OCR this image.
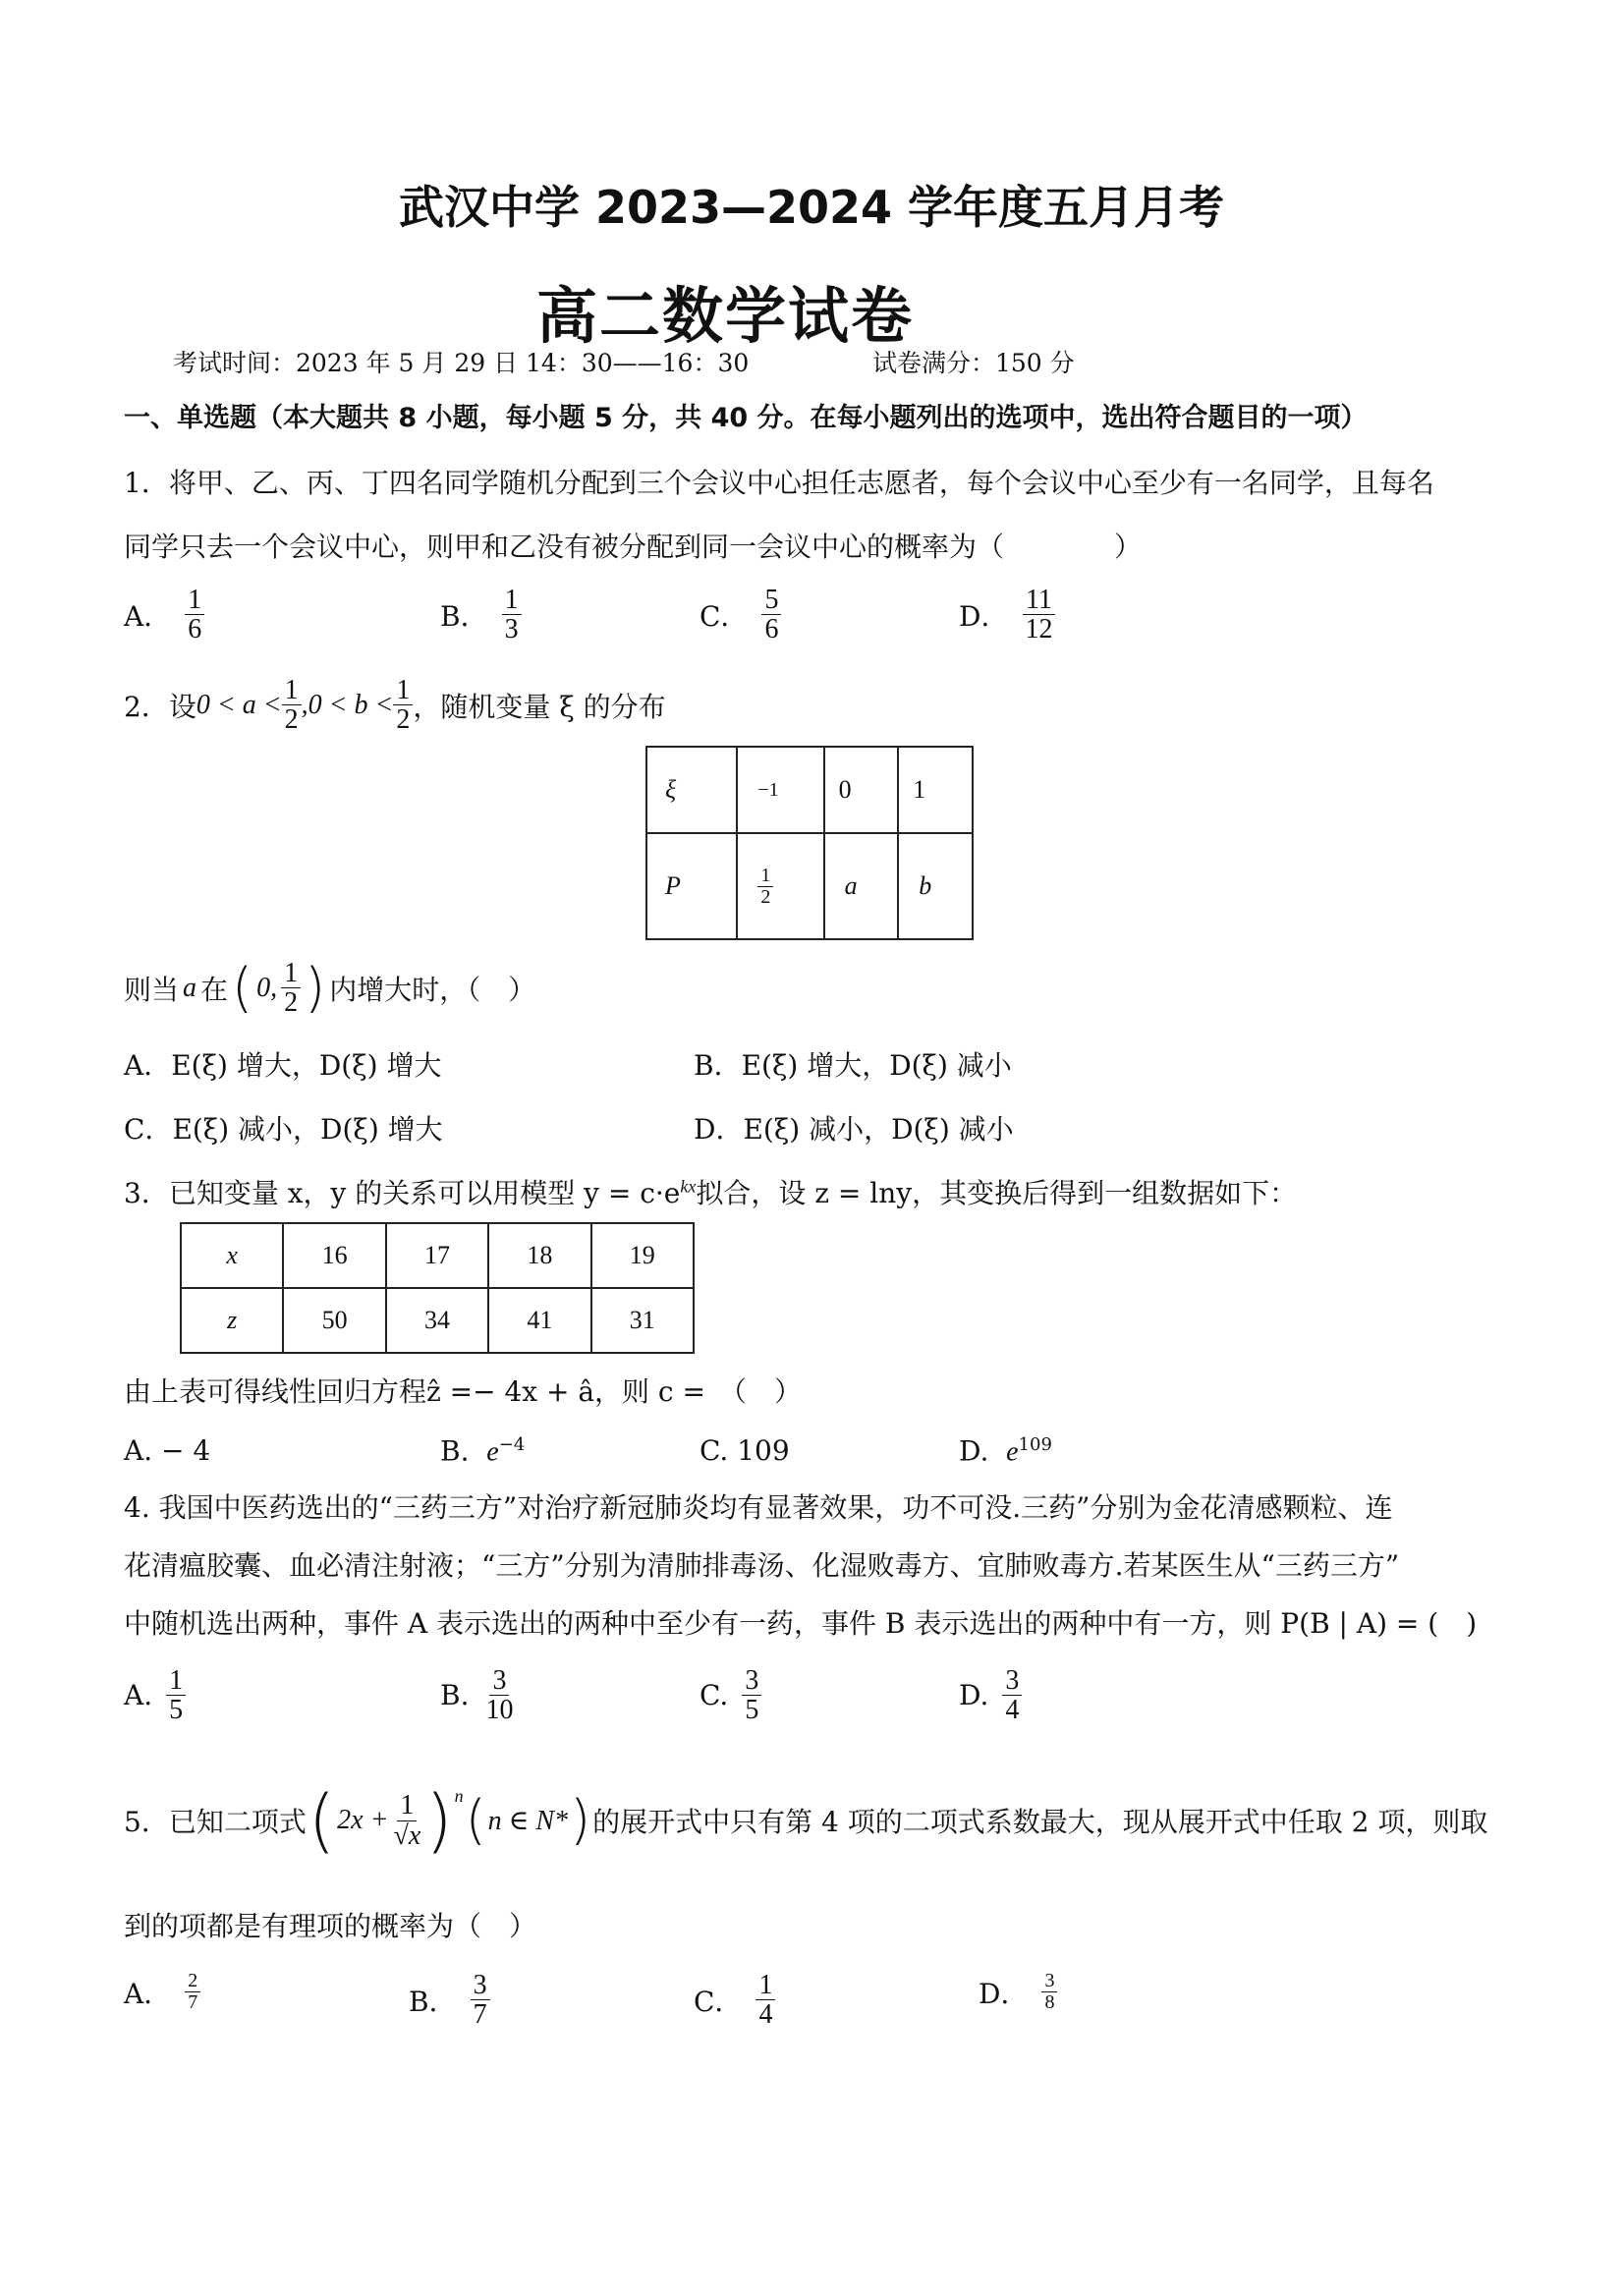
武汉中学 2023—2024 学年度五月月考
高二数学试卷
考试时间：2023 年 5 月 29 日 14：30——16：30	试卷满分：150 分
一、单选题（本大题共 8 小题，每小题 5 分，共 40 分。在每小题列出的选项中，选出符合题目的一项）
1．将甲、乙、丙、丁四名同学随机分配到三个会议中心担任志愿者，每个会议中心至少有一名同学，且每名
同学只去一个会议中心，则甲和乙没有被分配到同一会议中心的概率为（　　　　）
A． $\frac{1}{6}$	B． $\frac{1}{3}$	C． $\frac{5}{6}$	D． $\frac{11}{12}$
2．设 $0 < a < \frac{1}{2} ,0 < b < \frac{1}{2}$ ，随机变量 ξ 的分布
ξ	−1	0	1
P	$\frac{1}{2}$	a	b
则当 a 在 ( 0, $\frac{1}{2}$ ) 内增大时，（　）
A．E(ξ) 增大，D(ξ) 增大	B．E(ξ) 增大，D(ξ) 减小
C．E(ξ) 减小，D(ξ) 增大	D．E(ξ) 减小，D(ξ) 减小
3．已知变量 x，y 的关系可以用模型 $y = c\cdot e^{kx}$拟合，设 z = lny，其变换后得到一组数据如下：
x	16	17	18	19
z	50	34	41	31
由上表可得线性回归方程ẑ =− 4x + â，则 c =　（　）
A. − 4	B. $e^{-4}$	C. 109	D. $e^{109}$
4. 我国中医药选出的“三药三方”对治疗新冠肺炎均有显著效果，功不可没.三药”分别为金花清感颗粒、连
花清瘟胶囊、血必清注射液；“三方”分别为清肺排毒汤、化湿败毒方、宜肺败毒方.若某医生从“三药三方”
中随机选出两种，事件 A 表示选出的两种中至少有一药，事件 B 表示选出的两种中有一方，则 P(B | A) = (　)
A. $\frac{1}{5}$	B. $\frac{3}{10}$	C. $\frac{3}{5}$	D. $\frac{3}{4}$
5．已知二项式 ( $2x + \frac{1}{√x} )^n$ ( n ∈ N* ) 的展开式中只有第 4 项的二项式系数最大，现从展开式中任取 2 项，则取
到的项都是有理项的概率为（　）
A． $\frac{2}{7}$	B． $\frac{3}{7}$	C． $\frac{1}{4}$	D． $\frac{3}{8}$
